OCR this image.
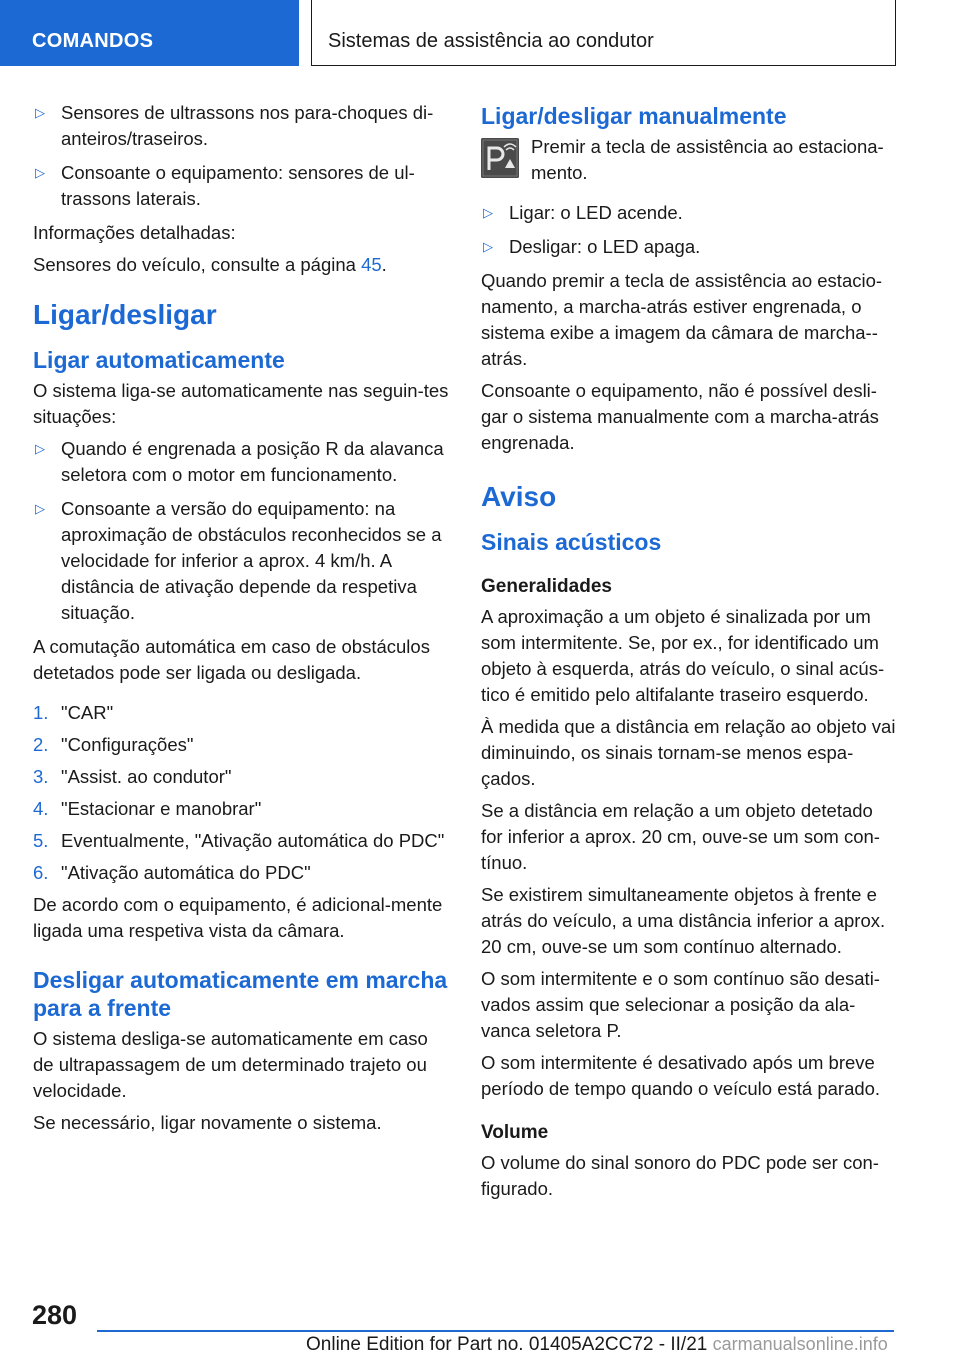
COMANDOS	Sistemas de assistência ao condutor
▷ Sensores de ultrassons nos para-choques di-anteiros/traseiros.
▷ Consoante o equipamento: sensores de ul-trassons laterais.

Informações detalhadas:

Sensores do veículo, consulte a página 45.

Ligar/desligar
Ligar automaticamente

O sistema liga-se automaticamente nas seguin-tes situações:

▷ Quando é engrenada a posição R da alavanca seletora com o motor em funcionamento.
▷ Consoante a versão do equipamento: na aproximação de obstáculos reconhecidos se a velocidade for inferior a aprox. 4 km/h. A distância de ativação depende da respetiva situação.

A comutação automática em caso de obstáculos detetados pode ser ligada ou desligada.

1. "CAR"
2. "Configurações"
3. "Assist. ao condutor"
4. "Estacionar e manobrar"
5. Eventualmente, "Ativação automática do PDC"
6. "Ativação automática do PDC"

De acordo com o equipamento, é adicional-mente ligada uma respetiva vista da câmara.

Desligar automaticamente em marcha para a frente

O sistema desliga-se automaticamente em caso de ultrapassagem de um determinado trajeto ou velocidade.

Se necessário, ligar novamente o sistema.

Ligar/desligar manualmente
Premir a tecla de assistência ao estaciona-mento.
▷ Ligar: o LED acende.
▷ Desligar: o LED apaga.

Quando premir a tecla de assistência ao estacio-namento, a marcha-atrás estiver engrenada, o sistema exibe a imagem da câmara de marcha--atrás.

Consoante o equipamento, não é possível desli-gar o sistema manualmente com a marcha-atrás engrenada.

Aviso
Sinais acústicos
Generalidades

A aproximação a um objeto é sinalizada por um som intermitente. Se, por ex., for identificado um objeto à esquerda, atrás do veículo, o sinal acús-tico é emitido pelo altifalante traseiro esquerdo.

À medida que a distância em relação ao objeto vai diminuindo, os sinais tornam-se menos espa-çados.

Se a distância em relação a um objeto detetado for inferior a aprox. 20 cm, ouve-se um som con-tínuo.

Se existirem simultaneamente objetos à frente e atrás do veículo, a uma distância inferior a aprox. 20 cm, ouve-se um som contínuo alternado.

O som intermitente e o som contínuo são desati-vados assim que selecionar a posição da ala-vanca seletora P.

O som intermitente é desativado após um breve período de tempo quando o veículo está parado.

Volume

O volume do sinal sonoro do PDC pode ser con-figurado.

280
Online Edition for Part no. 01405A2CC72 - II/21 carmanualsonline.info
